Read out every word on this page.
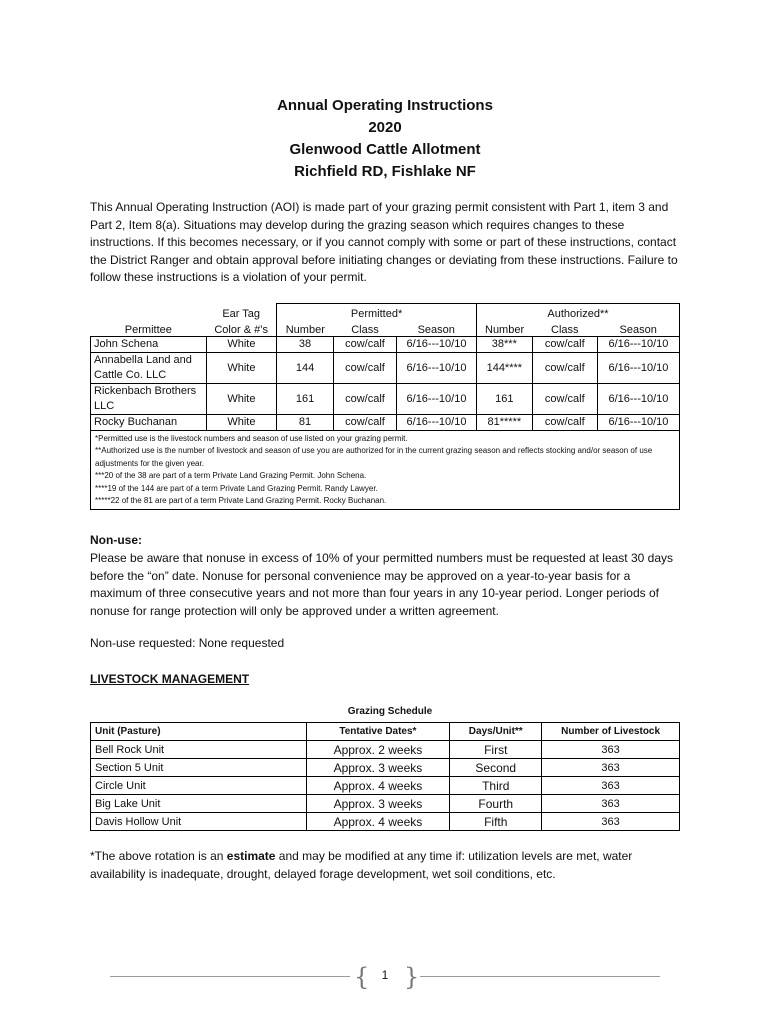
Annual Operating Instructions
2020
Glenwood Cattle Allotment
Richfield RD, Fishlake NF

This Annual Operating Instruction (AOI) is made part of your grazing permit consistent with Part 1, item 3 and Part 2, Item 8(a). Situations may develop during the grazing season which requires changes to these instructions. If this becomes necessary, or if you cannot comply with some or part of these instructions, contact the District Ranger and obtain approval before initiating changes or deviating from these instructions. Failure to follow these instructions is a violation of your permit.

	Ear Tag	Permitted*			Authorized**		
Permittee	Color & #’s	Number	Class	Season	Number	Class	Season
John Schena	White	38	cow/calf	6/16---10/10	38***	cow/calf	6/16---10/10
Annabella Land and Cattle Co. LLC	White	144	cow/calf	6/16---10/10	144****	cow/calf	6/16---10/10
Rickenbach Brothers LLC	White	161	cow/calf	6/16---10/10	161	cow/calf	6/16---10/10
Rocky Buchanan	White	81	cow/calf	6/16---10/10	81*****	cow/calf	6/16---10/10

*Permitted use is the livestock numbers and season of use listed on your grazing permit.
**Authorized use is the number of livestock and season of use you are authorized for in the current grazing season and reflects stocking and/or season of use adjustments for the given year.
***20 of the 38 are part of a term Private Land Grazing Permit. John Schena.
****19 of the 144 are part of a term Private Land Grazing Permit. Randy Lawyer.
*****22 of the 81 are part of a term Private Land Grazing Permit. Rocky Buchanan.							
Non-use:
Please be aware that nonuse in excess of 10% of your permitted numbers must be requested at least 30 days before the “on” date. Nonuse for personal convenience may be approved on a year-to-year basis for a maximum of three consecutive years and not more than four years in any 10-year period. Longer periods of nonuse for range protection will only be approved under a written agreement.
Non-use requested: None requested
LIVESTOCK MANAGEMENT
Grazing Schedule
Unit (Pasture)	Tentative Dates*	Days/Unit**	Number of Livestock
Bell Rock Unit	Approx. 2 weeks	First	363
Section 5 Unit	Approx. 3 weeks	Second	363
Circle Unit	Approx. 4 weeks	Third	363
Big Lake Unit	Approx. 3 weeks	Fourth	363
Davis Hollow Unit	Approx. 4 weeks	Fifth	363
*The above rotation is an estimate and may be modified at any time if: utilization levels are met, water availability is inadequate, drought, delayed forage development, wet soil conditions, etc.
{	1 }
